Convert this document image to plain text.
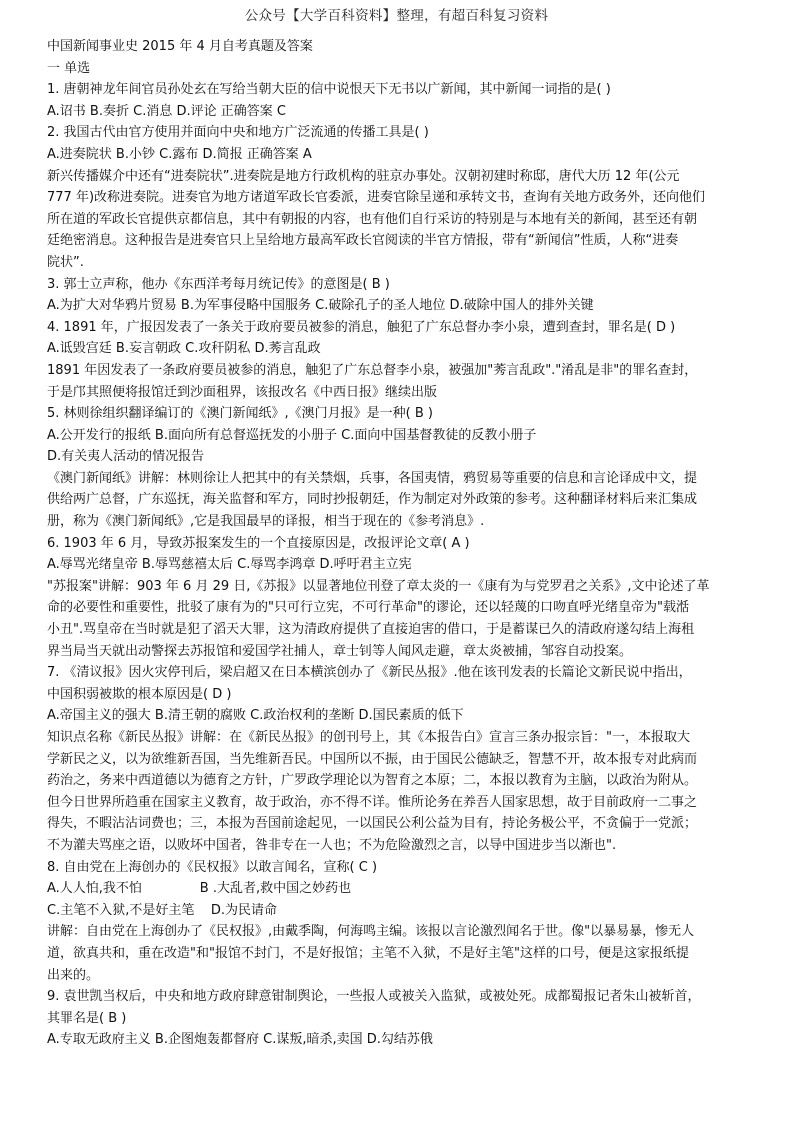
公众号【大学百科资料】整理，有超百科复习资料

中国新闻事业史 2015 年 4 月自考真题及答案

一 单选

1. 唐朝神龙年间官员孙处玄在写给当朝大臣的信中说恨天下无书以广新闻，其中新闻一词指的是( )

A.诏书 B.奏折 C.消息 D.评论 正确答案 C

2. 我国古代由官方使用并面向中央和地方广泛流通的传播工具是( )

A.进奏院状 B.小钞 C.露布 D.简报 正确答案 A

新兴传播媒介中还有“进奏院状”.进奏院是地方行政机构的驻京办事处。汉朝初建时称邸，唐代大历 12 年(公元

777 年)改称进奏院。进奏官为地方诸道军政长官委派，进奏官除呈递和承转文书，查询有关地方政务外，还向他们

所在道的军政长官提供京都信息，其中有朝报的内容，也有他们自行采访的特别是与本地有关的新闻，甚至还有朝

廷绝密消息。这种报告是进奏官只上呈给地方最高军政长官阅读的半官方情报，带有“新闻信”性质，人称“进奏

院状”.

3. 郭士立声称，他办《东西洋考每月统记传》的意图是( B )

A.为扩大对华鸦片贸易 B.为军事侵略中国服务 C.破除孔子的圣人地位 D.破除中国人的排外关键

4. 1891 年，广报因发表了一条关于政府要员被参的消息，触犯了广东总督办李小泉，遭到查封，罪名是( D )

A.诋毁宫廷 B.妄言朝政 C.攻秆阴私 D.莠言乱政

1891 年因发表了一条政府要员被参的消息，触犯了广东总督李小泉，被强加"莠言乱政"."淆乱是非"的罪名查封，

于是邝其照便将报馆迁到沙面租界，该报改名《中西日报》继续出版

5. 林则徐组织翻译编订的《澳门新闻纸》,《澳门月报》是一种( B )

A.公开发行的报纸 B.面向所有总督巡抚发的小册子 C.面向中国基督教徒的反教小册子

D.有关夷人活动的情况报告

《澳门新闻纸》讲解：林则徐让人把其中的有关禁烟，兵事，各国夷情，鸦贸易等重要的信息和言论译成中文，提

供给两广总督，广东巡抚，海关监督和军方，同时抄报朝廷，作为制定对外政策的参考。这种翻译材料后来汇集成

册，称为《澳门新闻纸》,它是我国最早的译报，相当于现在的《参考消息》.

6. 1903 年 6 月，导致苏报案发生的一个直接原因是，改报评论文章( A )

A.辱骂光绪皇帝 B.辱骂慈禧太后 C.辱骂李鸿章 D.呼吁君主立宪

"苏报案"讲解：903 年 6 月 29 日,《苏报》以显著地位刊登了章太炎的一《康有为与党罗君之关系》,文中论述了革

命的必要性和重要性，批驳了康有为的"只可行立宪，不可行革命"的谬论，还以轻蔑的口吻直呼光绪皇帝为"载湉

小丑".骂皇帝在当时就是犯了滔天大罪，这为清政府提供了直接迫害的借口，于是蓄谋已久的清政府遂勾结上海租

界当局当天就出动警探去苏报馆和爱国学社捕人，章士钊等人闻风走避，章太炎被捕，邹容自动投案。

7. 《清议报》因火灾停刊后，梁启超又在日本横滨创办了《新民丛报》.他在该刊发表的长篇论文新民说中指出，

中国积弱被欺的根本原因是( D )

A.帝国主义的强大 B.清王朝的腐败 C.政治权利的垄断 D.国民素质的低下

知识点名称《新民丛报》讲解：在《新民丛报》的创刊号上，其《本报告白》宣言三条办报宗旨："一，本报取大

学新民之义，以为欲维新吾国，当先维新吾民。中国所以不振，由于国民公德缺乏，智慧不开，故本报专对此病而

药治之，务来中西道德以为德育之方针，广罗政学理论以为智育之本原；二，本报以教育为主脑，以政治为附从。

但今日世界所趋重在国家主义教育，故于政治，亦不得不详。惟所论务在养吾人国家思想，故于目前政府一二事之

得失，不暇沾沾词费也；三，本报为吾国前途起见，一以国民公利公益为目有，持论务极公平，不贪偏于一党派；

不为灌夫骂座之语，以败坏中国者，咎非专在一人也；不为危险激烈之言，以导中国进步当以渐也".

8. 自由党在上海创办的《民权报》以敢言闻名，宣称( C )

A.人人怕,我不怕              B .大乱者,救中国之妙药也

C.主笔不入狱,不是好主笔    D.为民请命

讲解：自由党在上海创办了《民权报》,由戴季陶，何海鸣主编。该报以言论激烈闻名于世。像"以暴易暴，惨无人

道，欲真共和，重在改造"和"报馆不封门，不是好报馆；主笔不入狱，不是好主笔"这样的口号，便是这家报纸提

出来的。

9. 袁世凯当权后，中央和地方政府肆意钳制舆论，一些报人或被关入监狱，或被处死。成都蜀报记者朱山被斩首，

其罪名是( B )

A.专取无政府主义 B.企图炮轰都督府 C.谋叛,暗杀,卖国 D.勾结苏俄
